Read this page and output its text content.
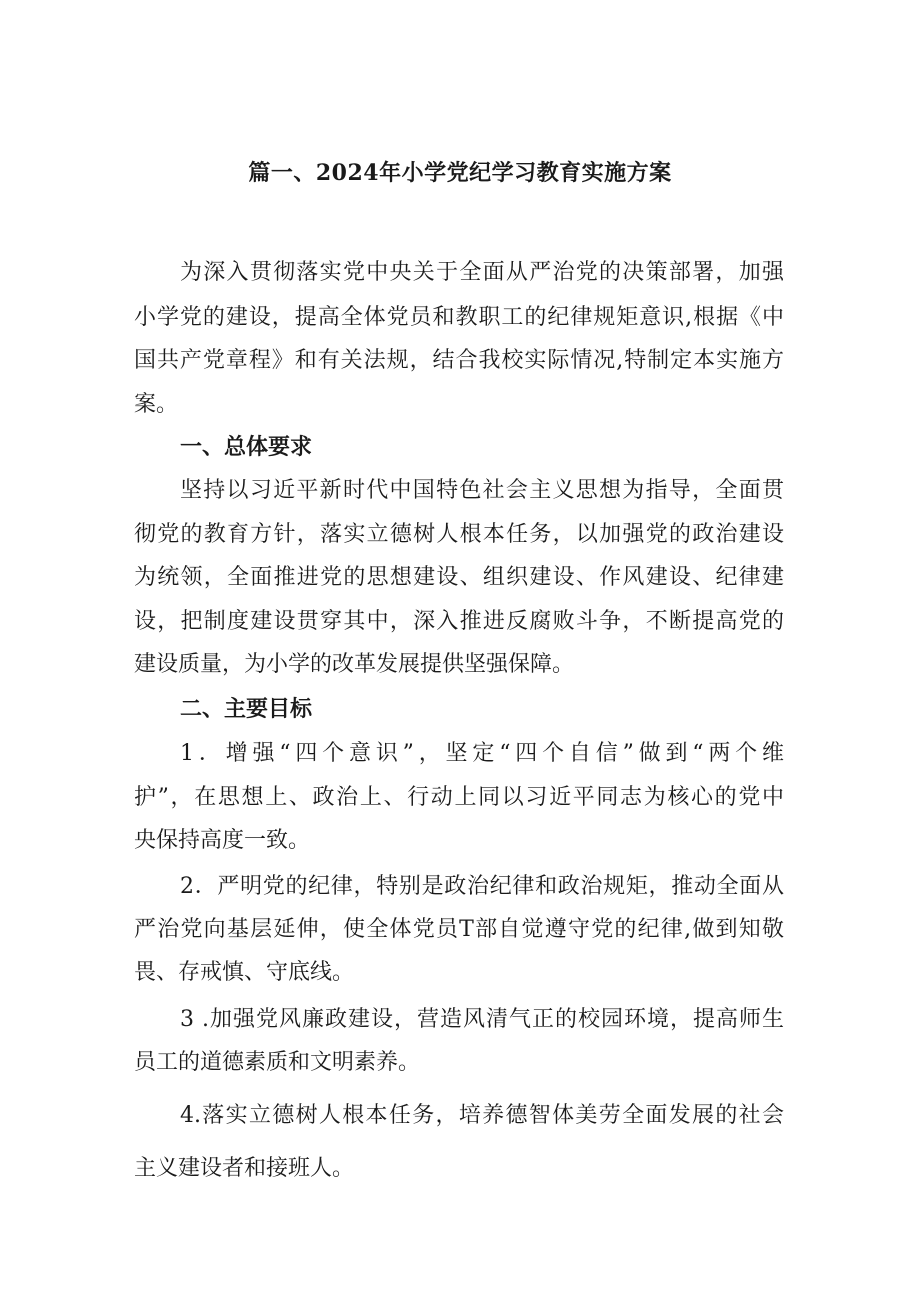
篇一、2024年小学党纪学习教育实施方案
为深入贯彻落实党中央关于全面从严治党的决策部署，加强
小学党的建设，提高全体党员和教职工的纪律规矩意识,根据《中
国共产党章程》和有关法规，结合我校实际情况,特制定本实施方
案。
一、总体要求
坚持以习近平新时代中国特色社会主义思想为指导，全面贯
彻党的教育方针，落实立德树人根本任务，以加强党的政治建设
为统领，全面推进党的思想建设、组织建设、作风建设、纪律建
设，把制度建设贯穿其中，深入推进反腐败斗争，不断提高党的
建设质量，为小学的改革发展提供坚强保障。
二、主要目标
1．增强“四个意识”，坚定“四个自信”做到“两个维
护”，在思想上、政治上、行动上同以习近平同志为核心的党中
央保持高度一致。
2．严明党的纪律，特别是政治纪律和政治规矩，推动全面从
严治党向基层延伸，使全体党员T部自觉遵守党的纪律,做到知敬
畏、存戒慎、守底线。
3 .加强党风廉政建设，营造风清气正的校园环境，提高师生
员工的道德素质和文明素养。
4.落实立德树人根本任务，培养德智体美劳全面发展的社会
主义建设者和接班人。
